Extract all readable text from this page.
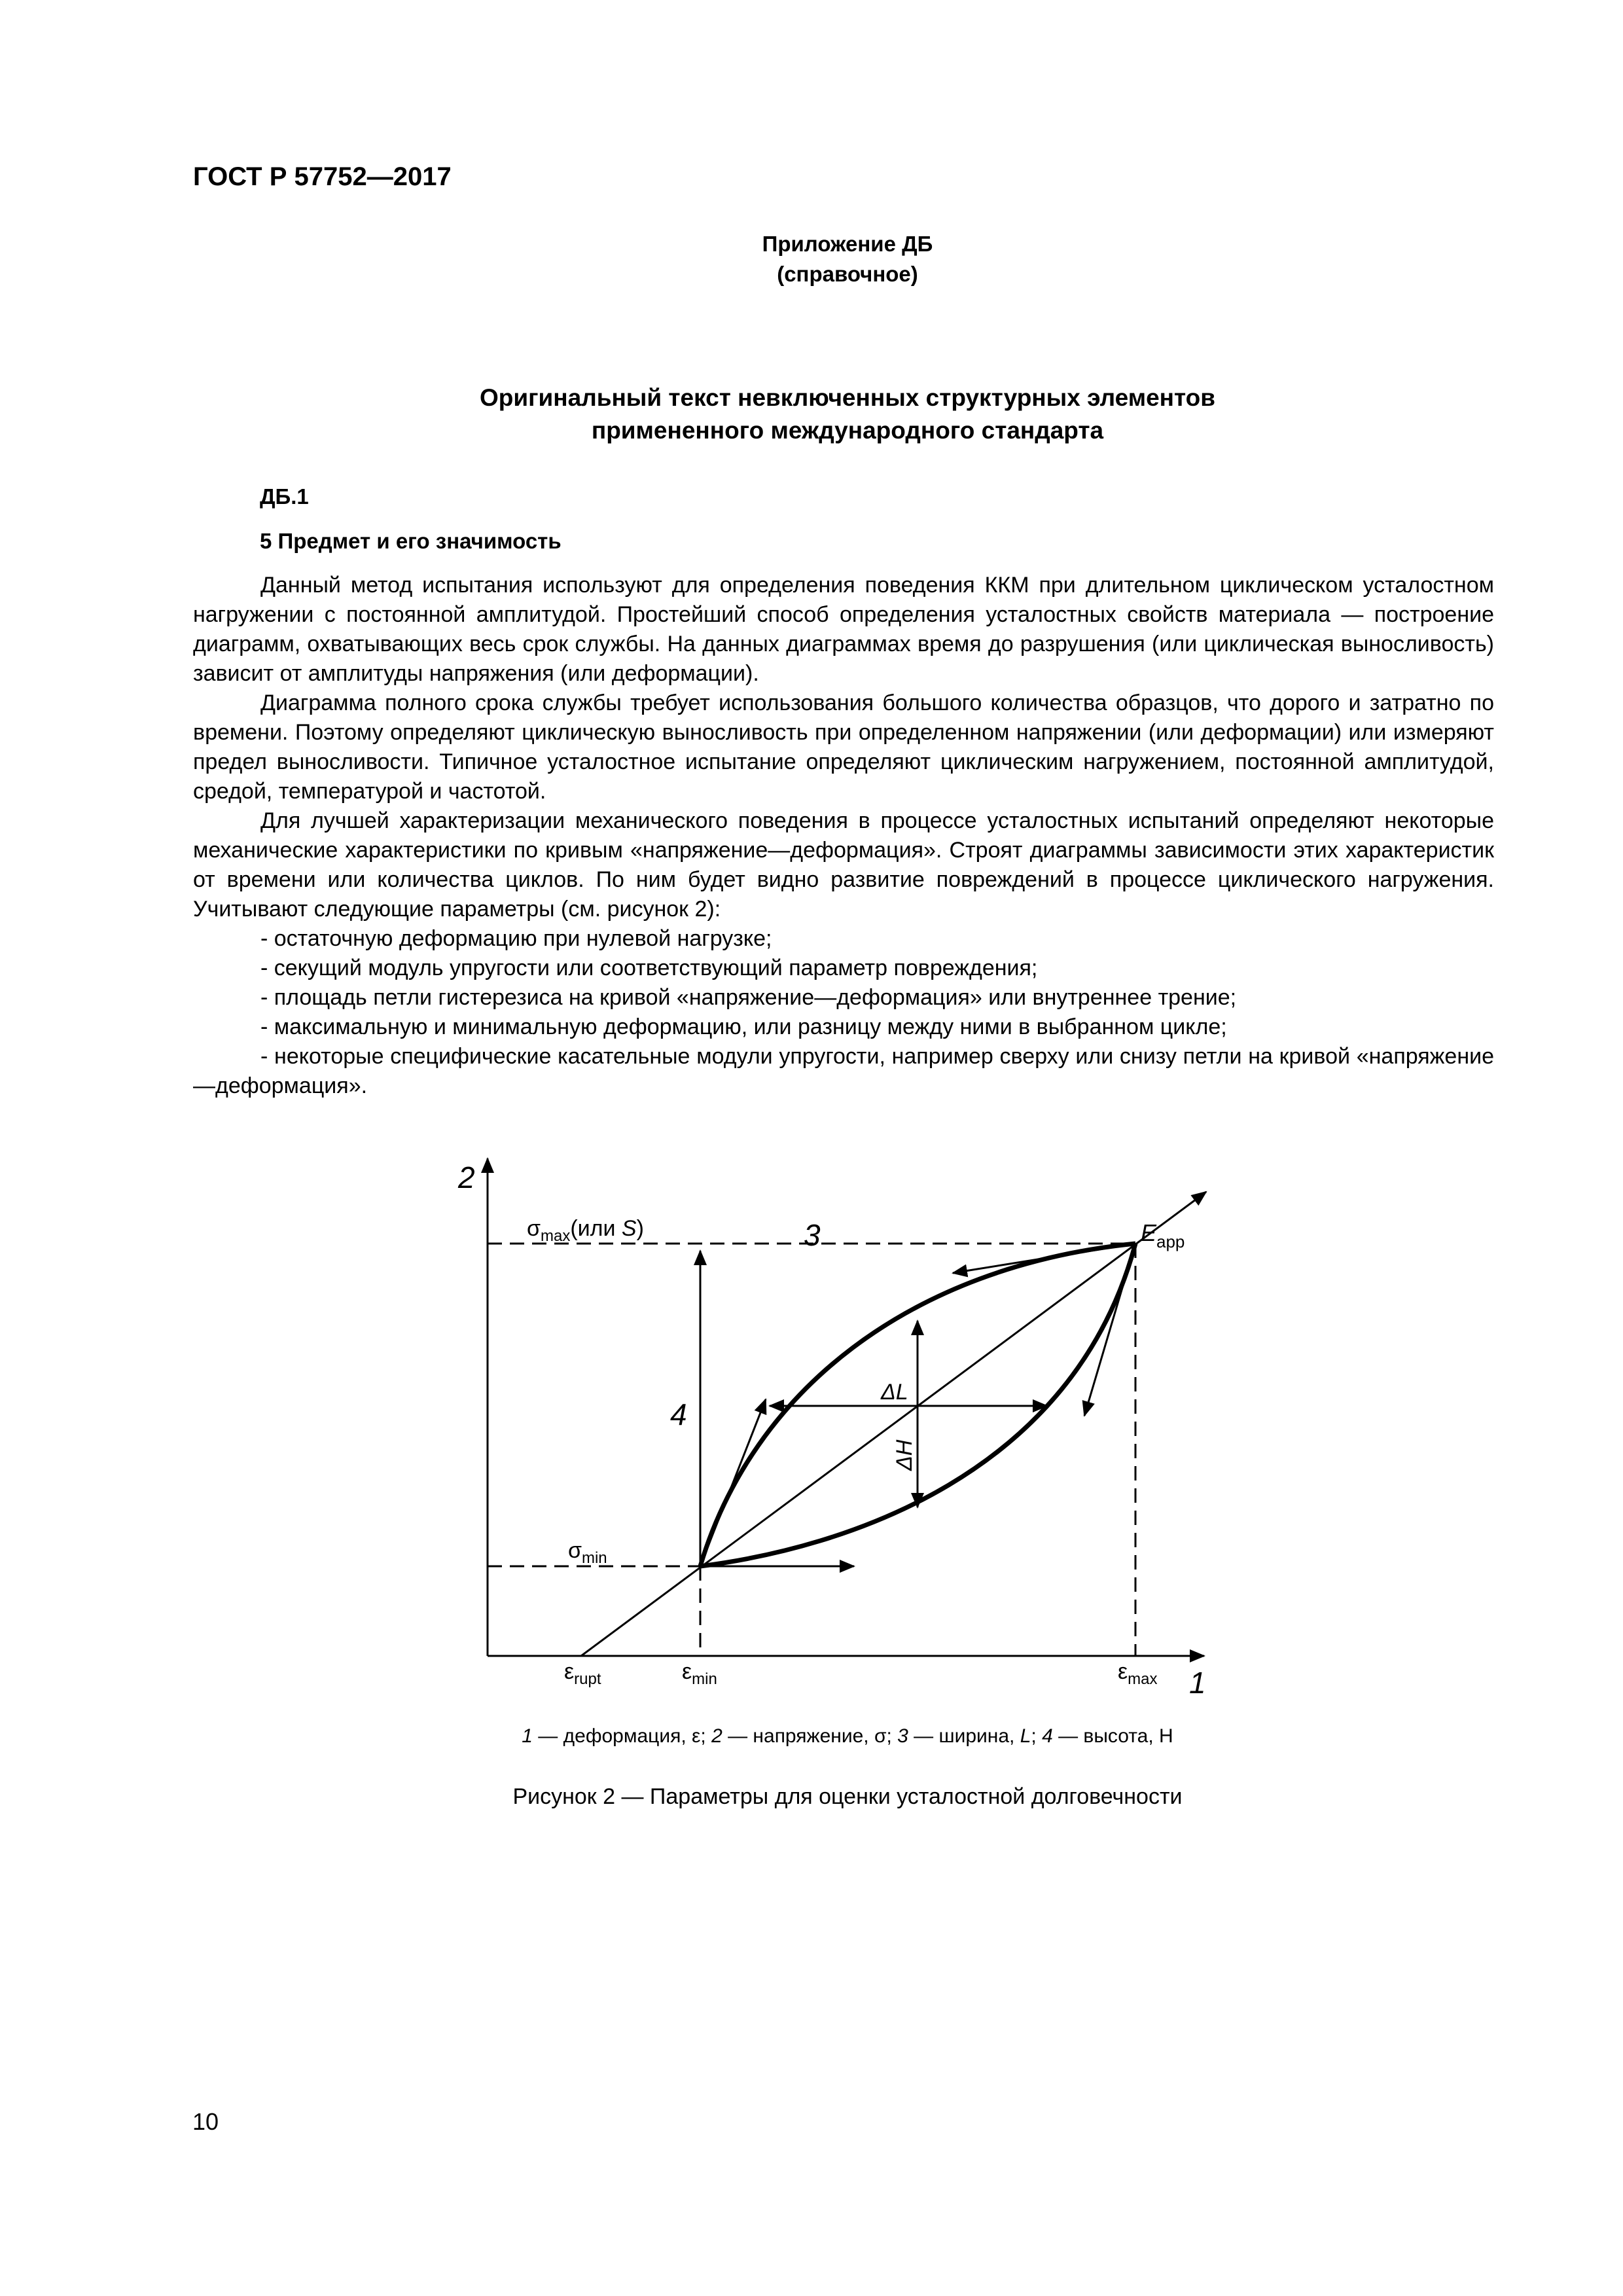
ГОСТ Р 57752—2017
Приложение ДБ
(справочное)
Оригинальный текст невключенных структурных элементов
примененного международного стандарта
ДБ.1
5 Предмет и его значимость

Данный метод испытания используют для определения поведения ККМ при длительном циклическом усталостном нагружении с постоянной амплитудой. Простейший способ определения усталостных свойств материала — построение диаграмм, охватывающих весь срок службы. На данных диаграммах время до разрушения (или циклическая выносливость) зависит от амплитуды напряжения (или деформации).

Диаграмма полного срока службы требует использования большого количества образцов, что дорого и затратно по времени. Поэтому определяют циклическую выносливость при определенном напряжении (или деформации) или измеряют предел выносливости. Типичное усталостное испытание определяют циклическим нагружением, постоянной амплитудой, средой, температурой и частотой.

Для лучшей характеризации механического поведения в процессе усталостных испытаний определяют некоторые механические характеристики по кривым «напряжение—деформация». Строят диаграммы зависимости этих характеристик от времени или количества циклов. По ним будет видно развитие повреждений в процессе циклического нагружения. Учитывают следующие параметры (см. рисунок 2):

- остаточную деформацию при нулевой нагрузке;

- секущий модуль упругости или соответствующий параметр повреждения;

- площадь петли гистерезиса на кривой «напряжение—деформация» или внутреннее трение;

- максимальную и минимальную деформацию, или разницу между ними в выбранном цикле;

- некоторые специфические касательные модули упругости, например сверху или снизу петли на кривой «напряжение—деформация».

2
1
3
4
$\sigma_{max}(или$ S)
$\sigma_{min}$
$E_{app}$
ΔL
ΔH
$\varepsilon_{rupt}$	$\varepsilon_{min}$	$\varepsilon_{max}$
1 — деформация, ε; 2 — напряжение, σ; 3 — ширина, L; 4 — высота, Н
Рисунок 2 — Параметры для оценки усталостной долговечности
10
